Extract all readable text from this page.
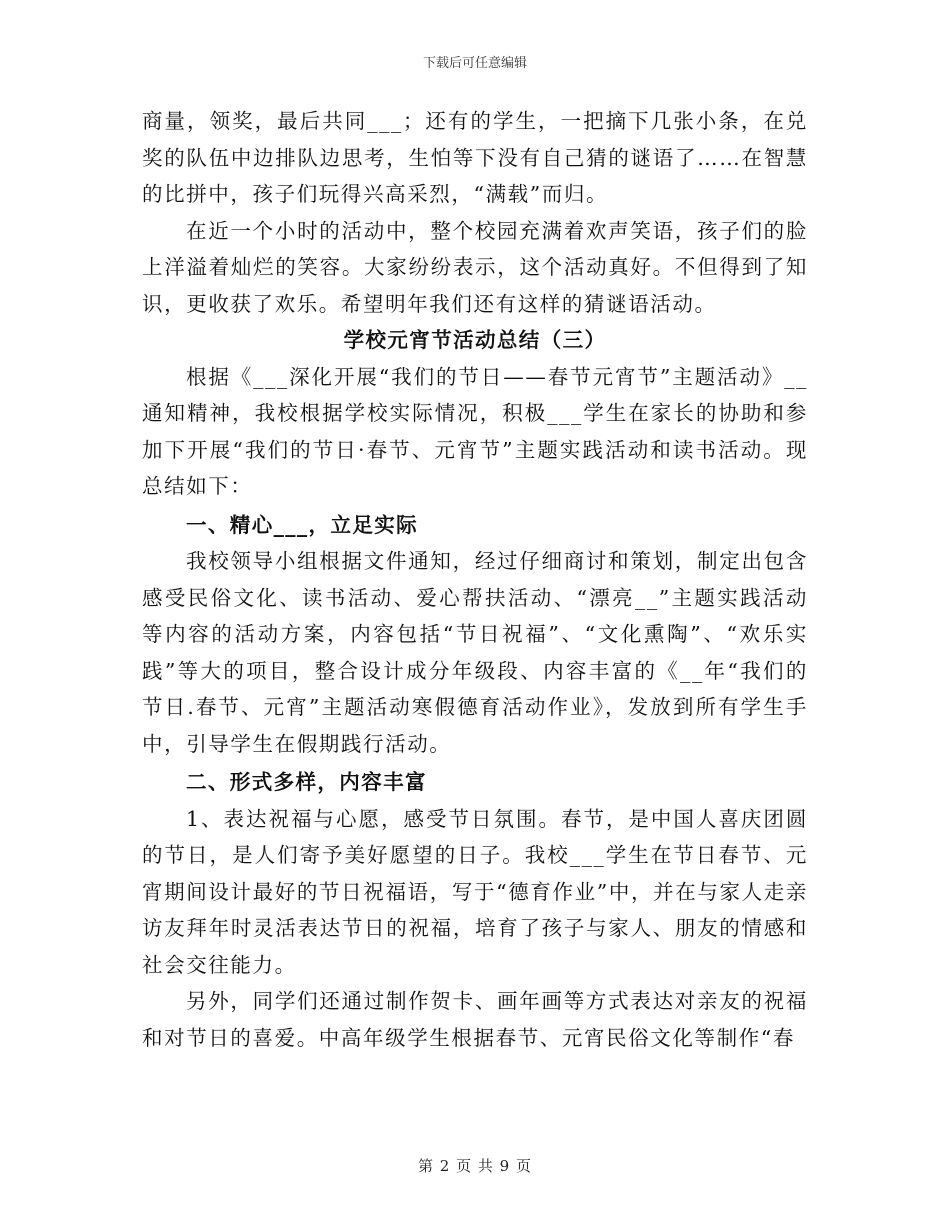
下载后可任意编辑

商量，领奖，最后共同___；还有的学生，一把摘下几张小条，在兑奖的队伍中边排队边思考，生怕等下没有自己猜的谜语了……在智慧的比拼中，孩子们玩得兴高采烈，“满载”而归。

在近一个小时的活动中，整个校园充满着欢声笑语，孩子们的脸上洋溢着灿烂的笑容。大家纷纷表示，这个活动真好。不但得到了知识，更收获了欢乐。希望明年我们还有这样的猜谜语活动。

学校元宵节活动总结（三）

根据《___深化开展“我们的节日——春节元宵节”主题活动》__通知精神，我校根据学校实际情况，积极___学生在家长的协助和参加下开展“我们的节日·春节、元宵节”主题实践活动和读书活动。现总结如下：

一、精心___，立足实际

我校领导小组根据文件通知，经过仔细商讨和策划，制定出包含感受民俗文化、读书活动、爱心帮扶活动、“漂亮__”主题实践活动等内容的活动方案，内容包括“节日祝福”、“文化熏陶”、“欢乐实践”等大的项目，整合设计成分年级段、内容丰富的《__年“我们的节日.春节、元宵”主题活动寒假德育活动作业》，发放到所有学生手中，引导学生在假期践行活动。

二、形式多样，内容丰富

1、表达祝福与心愿，感受节日氛围。春节，是中国人喜庆团圆的节日，是人们寄予美好愿望的日子。我校___学生在节日春节、元宵期间设计最好的节日祝福语，写于“德育作业”中，并在与家人走亲访友拜年时灵活表达节日的祝福，培育了孩子与家人、朋友的情感和社会交往能力。

另外，同学们还通过制作贺卡、画年画等方式表达对亲友的祝福和对节日的喜爱。中高年级学生根据春节、元宵民俗文化等制作“春

第 2 页 共 9 页
